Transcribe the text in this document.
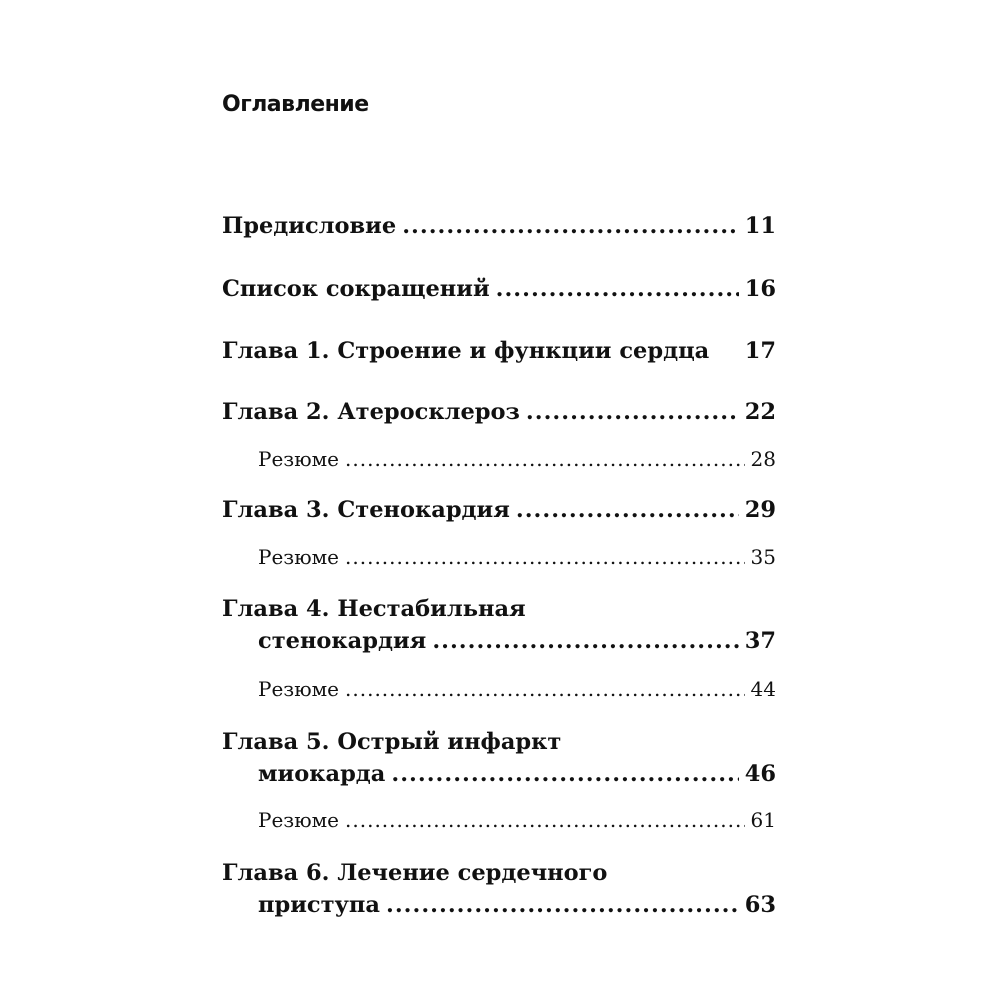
Оглавление
Предисловие .....	11
Список сокращений .....	16
Глава 1. Строение и функции сердца 17
Глава 2. Атеросклероз .....	22
Резюме .....	28
Глава 3. Стенокардия .....	29
Резюме .....	35
Глава 4. Нестабильная
стенокардия .....	37
Резюме .....	44
Глава 5. Острый инфаркт
миокарда .....	46
Резюме .....	61
Глава 6. Лечение сердечного
приступа .....	63
